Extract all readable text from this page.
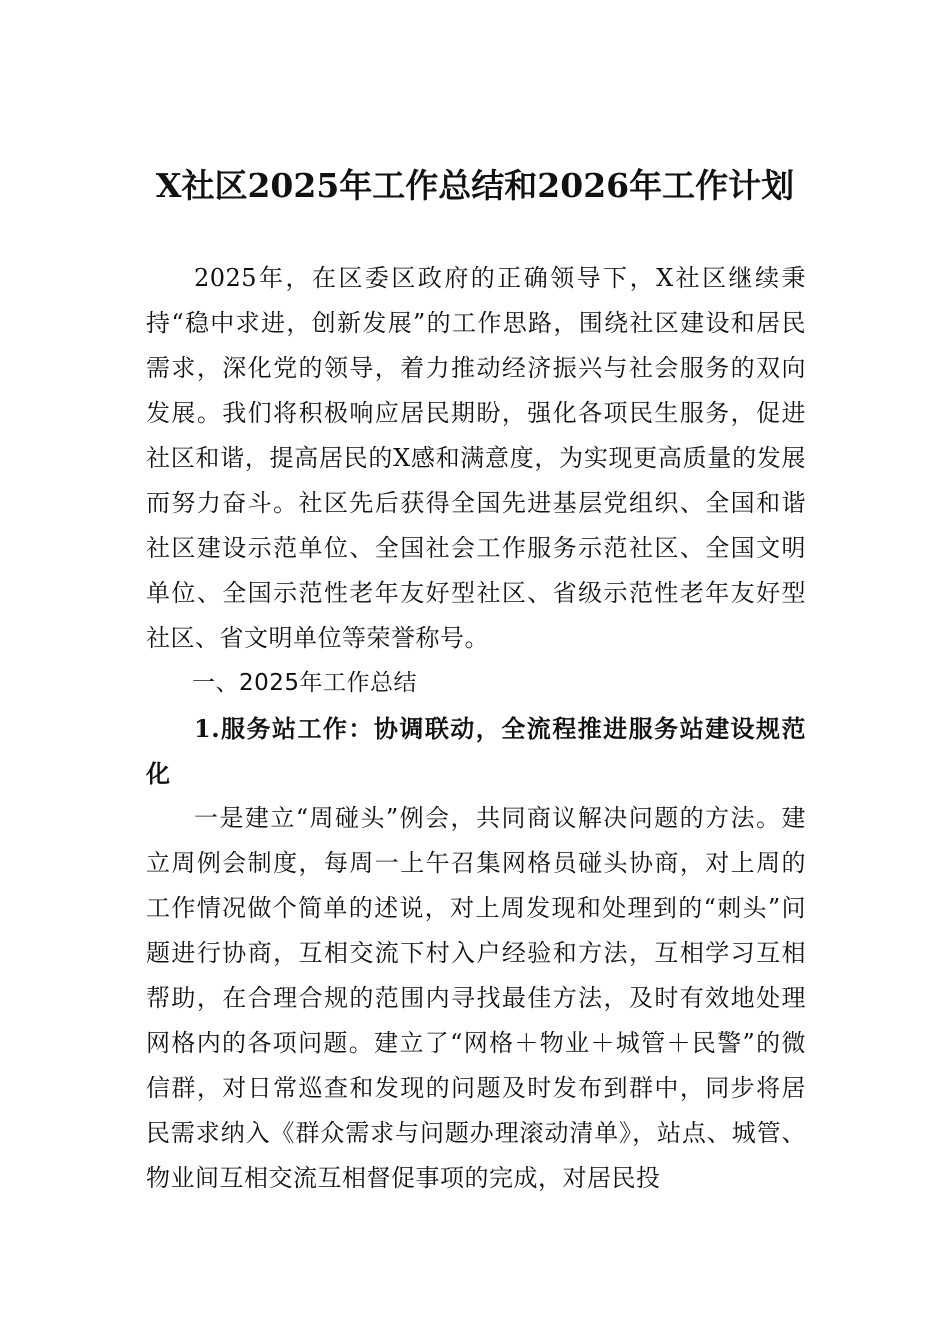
X社区2025年工作总结和2026年工作计划

2025年，在区委区政府的正确领导下，X社区继续秉持“稳中求进，创新发展”的工作思路，围绕社区建设和居民需求，深化党的领导，着力推动经济振兴与社会服务的双向发展。我们将积极响应居民期盼，强化各项民生服务，促进社区和谐，提高居民的X感和满意度，为实现更高质量的发展而努力奋斗。社区先后获得全国先进基层党组织、全国和谐社区建设示范单位、全国社会工作服务示范社区、全国文明单位、全国示范性老年友好型社区、省级示范性老年友好型社区、省文明单位等荣誉称号。

一、2025年工作总结

1.服务站工作：协调联动，全流程推进服务站建设规范化

一是建立“周碰头”例会，共同商议解决问题的方法。建立周例会制度，每周一上午召集网格员碰头协商，对上周的工作情况做个简单的述说，对上周发现和处理到的“刺头”问题进行协商，互相交流下村入户经验和方法，互相学习互相帮助，在合理合规的范围内寻找最佳方法，及时有效地处理网格内的各项问题。建立了“网格＋物业＋城管＋民警”的微信群，对日常巡查和发现的问题及时发布到群中，同步将居民需求纳入《群众需求与问题办理滚动清单》，站点、城管、物业间互相交流互相督促事项的完成，对居民投
